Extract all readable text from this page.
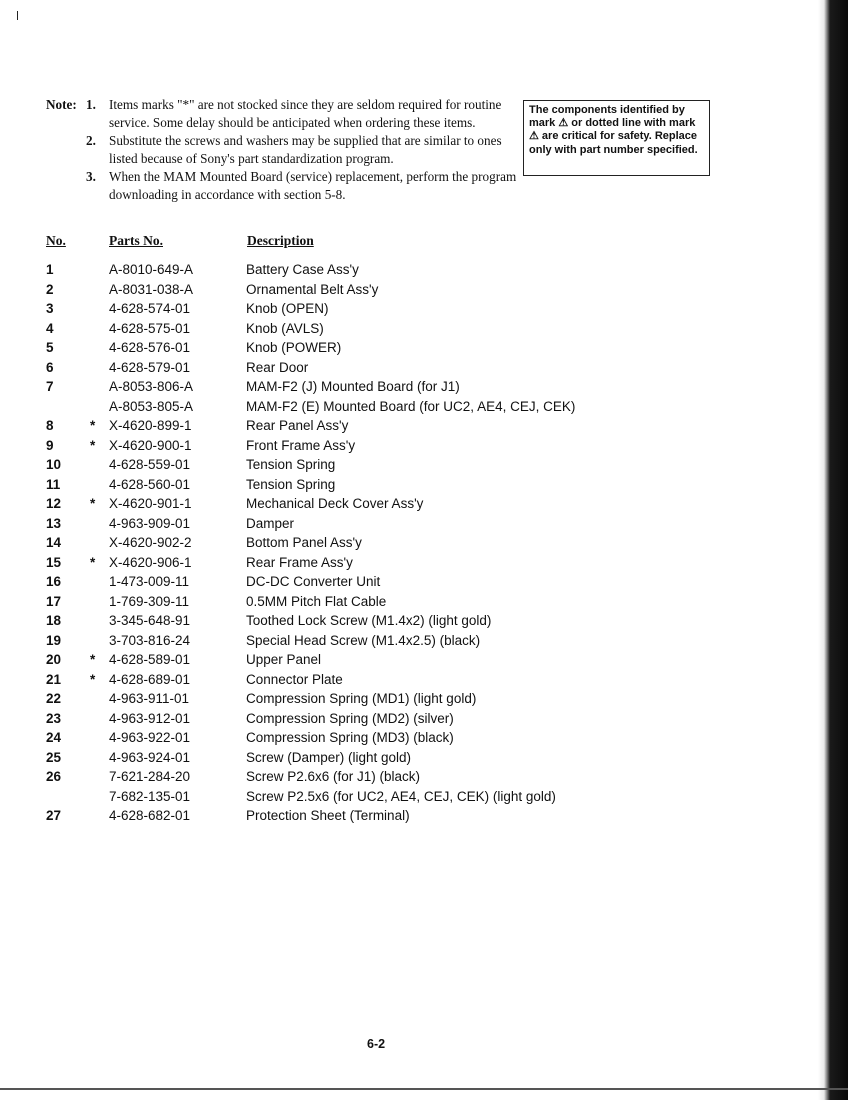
Note: 1. Items marks "*" are not stocked since they are seldom required for routine service. Some delay should be anticipated when ordering these items.
2. Substitute the screws and washers may be supplied that are similar to ones listed because of Sony's part standardization program.
3. When the MAM Mounted Board (service) replacement, perform the program downloading in accordance with section 5-8.
The components identified by mark ⚠ or dotted line with mark ⚠ are critical for safety. Replace only with part number specified.
No.	Parts No.	Description
1	A-8010-649-A	Battery Case Ass'y
2	A-8031-038-A	Ornamental Belt Ass'y
3	4-628-574-01	Knob (OPEN)
4	4-628-575-01	Knob (AVLS)
5	4-628-576-01	Knob (POWER)
6	4-628-579-01	Rear Door
7	A-8053-806-A	MAM-F2 (J) Mounted Board (for J1)
A-8053-805-A	MAM-F2 (E) Mounted Board (for UC2, AE4, CEJ, CEK)
8	* X-4620-899-1	Rear Panel Ass'y
9	* X-4620-900-1	Front Frame Ass'y
10	4-628-559-01	Tension Spring
11	4-628-560-01	Tension Spring
12 * X-4620-901-1	Mechanical Deck Cover Ass'y
13	4-963-909-01	Damper
14	X-4620-902-2	Bottom Panel Ass'y
15 * X-4620-906-1	Rear Frame Ass'y
16	1-473-009-11	DC-DC Converter Unit
17	1-769-309-11	0.5MM Pitch Flat Cable
18	3-345-648-91	Toothed Lock Screw (M1.4x2) (light gold)
19	3-703-816-24	Special Head Screw (M1.4x2.5) (black)
20 * 4-628-589-01	Upper Panel
21 * 4-628-689-01	Connector Plate
22	4-963-911-01	Compression Spring (MD1) (light gold)
23	4-963-912-01	Compression Spring (MD2) (silver)
24	4-963-922-01	Compression Spring (MD3) (black)
25	4-963-924-01	Screw (Damper) (light gold)
26	7-621-284-20	Screw P2.6x6 (for J1) (black)
7-682-135-01	Screw P2.5x6 (for UC2, AE4, CEJ, CEK) (light gold)
27	4-628-682-01	Protection Sheet (Terminal)
6-2
